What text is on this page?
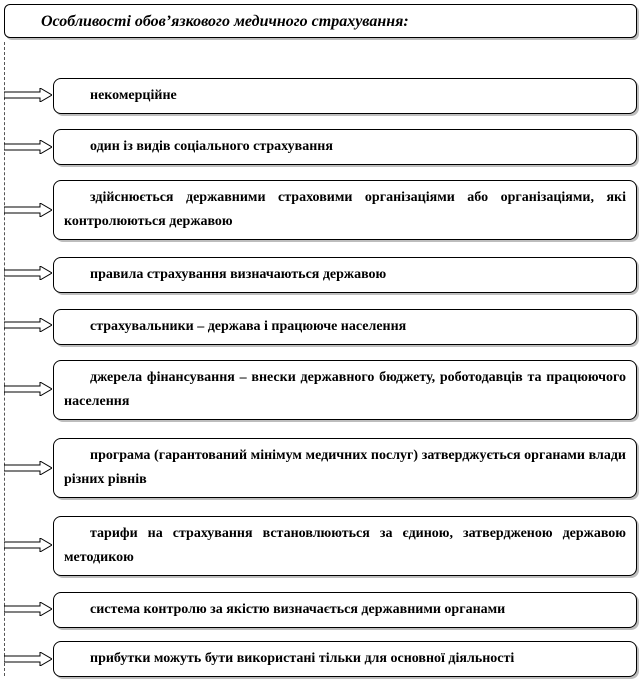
Особливості обов’язкового медичного страхування:
некомерційне
один із видів соціального страхування
здійснюється державними страховими організаціями або організаціями, які контролюються державою
правила страхування визначаються державою
страхувальники – держава і працююче населення
джерела фінансування – внески державного бюджету, роботодавців та працюючого населення
програма (гарантований мінімум медичних послуг) затверджується органами влади різних рівнів
тарифи на страхування встановлюються за єдиною, затвердженою державою методикою
система контролю за якістю визначається державними органами
прибутки можуть бути використані тільки для основної діяльності
